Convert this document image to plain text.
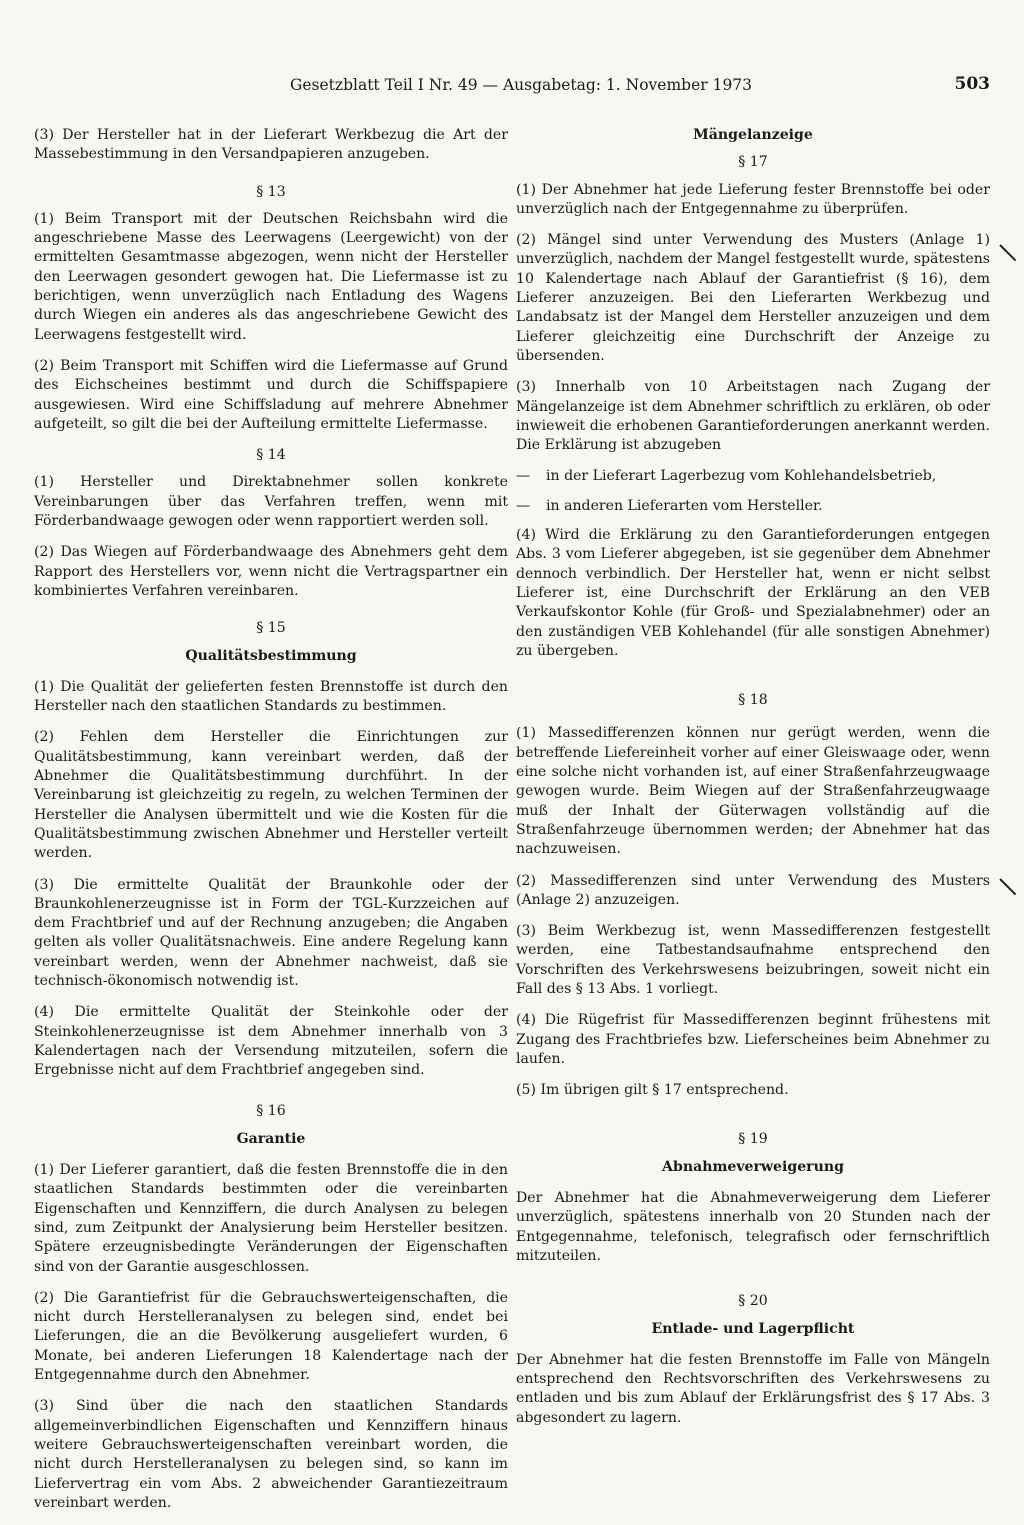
Gesetzblatt Teil I Nr. 49 — Ausgabetag: 1. November 1973	503

(3) Der Hersteller hat in der Lieferart Werkbezug die Art der Massebestimmung in den Versandpapieren anzugeben.

§ 13

(1) Beim Transport mit der Deutschen Reichsbahn wird die angeschriebene Masse des Leerwagens (Leergewicht) von der ermittelten Gesamtmasse abgezogen, wenn nicht der Hersteller den Leerwagen gesondert gewogen hat. Die Liefermasse ist zu berichtigen, wenn unverzüglich nach Entladung des Wagens durch Wiegen ein anderes als das angeschriebene Gewicht des Leerwagens festgestellt wird.

(2) Beim Transport mit Schiffen wird die Liefermasse auf Grund des Eichscheines bestimmt und durch die Schiffspapiere ausgewiesen. Wird eine Schiffsladung auf mehrere Abnehmer aufgeteilt, so gilt die bei der Aufteilung ermittelte Liefermasse.

§ 14

(1) Hersteller und Direktabnehmer sollen konkrete Vereinbarungen über das Verfahren treffen, wenn mit Förderbandwaage gewogen oder wenn rapportiert werden soll.

(2) Das Wiegen auf Förderbandwaage des Abnehmers geht dem Rapport des Herstellers vor, wenn nicht die Vertragspartner ein kombiniertes Verfahren vereinbaren.

§ 15
Qualitätsbestimmung

(1) Die Qualität der gelieferten festen Brennstoffe ist durch den Hersteller nach den staatlichen Standards zu bestimmen.

(2) Fehlen dem Hersteller die Einrichtungen zur Qualitätsbestimmung, kann vereinbart werden, daß der Abnehmer die Qualitätsbestimmung durchführt. In der Vereinbarung ist gleichzeitig zu regeln, zu welchen Terminen der Hersteller die Analysen übermittelt und wie die Kosten für die Qualitätsbestimmung zwischen Abnehmer und Hersteller verteilt werden.

(3) Die ermittelte Qualität der Braunkohle oder der Braunkohlenerzeugnisse ist in Form der TGL-Kurzzeichen auf dem Frachtbrief und auf der Rechnung anzugeben; die Angaben gelten als voller Qualitätsnachweis. Eine andere Regelung kann vereinbart werden, wenn der Abnehmer nachweist, daß sie technisch-ökonomisch notwendig ist.

(4) Die ermittelte Qualität der Steinkohle oder der Steinkohlenerzeugnisse ist dem Abnehmer innerhalb von 3 Kalendertagen nach der Versendung mitzuteilen, sofern die Ergebnisse nicht auf dem Frachtbrief angegeben sind.

§ 16
Garantie

(1) Der Lieferer garantiert, daß die festen Brennstoffe die in den staatlichen Standards bestimmten oder die vereinbarten Eigenschaften und Kennziffern, die durch Analysen zu belegen sind, zum Zeitpunkt der Analysierung beim Hersteller besitzen. Spätere erzeugnisbedingte Veränderungen der Eigenschaften sind von der Garantie ausgeschlossen.

(2) Die Garantiefrist für die Gebrauchswerteigenschaften, die nicht durch Herstelleranalysen zu belegen sind, endet bei Lieferungen, die an die Bevölkerung ausgeliefert wurden, 6 Monate, bei anderen Lieferungen 18 Kalendertage nach der Entgegennahme durch den Abnehmer.

(3) Sind über die nach den staatlichen Standards allgemeinverbindlichen Eigenschaften und Kennziffern hinaus weitere Gebrauchswerteigenschaften vereinbart worden, die nicht durch Herstelleranalysen zu belegen sind, so kann im Liefervertrag ein vom Abs. 2 abweichender Garantiezeitraum vereinbart werden.

Mängelanzeige
§ 17

(1) Der Abnehmer hat jede Lieferung fester Brennstoffe bei oder unverzüglich nach der Entgegennahme zu überprüfen.

(2) Mängel sind unter Verwendung des Musters (Anlage 1) unverzüglich, nachdem der Mangel festgestellt wurde, spätestens 10 Kalendertage nach Ablauf der Garantiefrist (§ 16), dem Lieferer anzuzeigen. Bei den Lieferarten Werkbezug und Landabsatz ist der Mangel dem Hersteller anzuzeigen und dem Lieferer gleichzeitig eine Durchschrift der Anzeige zu übersenden.

(3) Innerhalb von 10 Arbeitstagen nach Zugang der Mängelanzeige ist dem Abnehmer schriftlich zu erklären, ob oder inwieweit die erhobenen Garantieforderungen anerkannt werden. Die Erklärung ist abzugeben

—	in der Lieferart Lagerbezug vom Kohlehandelsbetrieb,
—	in anderen Lieferarten vom Hersteller.

(4) Wird die Erklärung zu den Garantieforderungen entgegen Abs. 3 vom Lieferer abgegeben, ist sie gegenüber dem Abnehmer dennoch verbindlich. Der Hersteller hat, wenn er nicht selbst Lieferer ist, eine Durchschrift der Erklärung an den VEB Verkaufskontor Kohle (für Groß- und Spezialabnehmer) oder an den zuständigen VEB Kohlehandel (für alle sonstigen Abnehmer) zu übergeben.

§ 18

(1) Massedifferenzen können nur gerügt werden, wenn die betreffende Liefereinheit vorher auf einer Gleiswaage oder, wenn eine solche nicht vorhanden ist, auf einer Straßenfahrzeugwaage gewogen wurde. Beim Wiegen auf der Straßenfahrzeugwaage muß der Inhalt der Güterwagen vollständig auf die Straßenfahrzeuge übernommen werden; der Abnehmer hat das nachzuweisen.

(2) Massedifferenzen sind unter Verwendung des Musters (Anlage 2) anzuzeigen.

(3) Beim Werkbezug ist, wenn Massedifferenzen festgestellt werden, eine Tatbestandsaufnahme entsprechend den Vorschriften des Verkehrswesens beizubringen, soweit nicht ein Fall des § 13 Abs. 1 vorliegt.

(4) Die Rügefrist für Massedifferenzen beginnt frühestens mit Zugang des Frachtbriefes bzw. Lieferscheines beim Abnehmer zu laufen.

(5) Im übrigen gilt § 17 entsprechend.

§ 19
Abnahmeverweigerung

Der Abnehmer hat die Abnahmeverweigerung dem Lieferer unverzüglich, spätestens innerhalb von 20 Stunden nach der Entgegennahme, telefonisch, telegrafisch oder fernschriftlich mitzuteilen.

§ 20
Entlade- und Lagerpflicht

Der Abnehmer hat die festen Brennstoffe im Falle von Mängeln entsprechend den Rechtsvorschriften des Verkehrswesens zu entladen und bis zum Ablauf der Erklärungsfrist des § 17 Abs. 3 abgesondert zu lagern.
